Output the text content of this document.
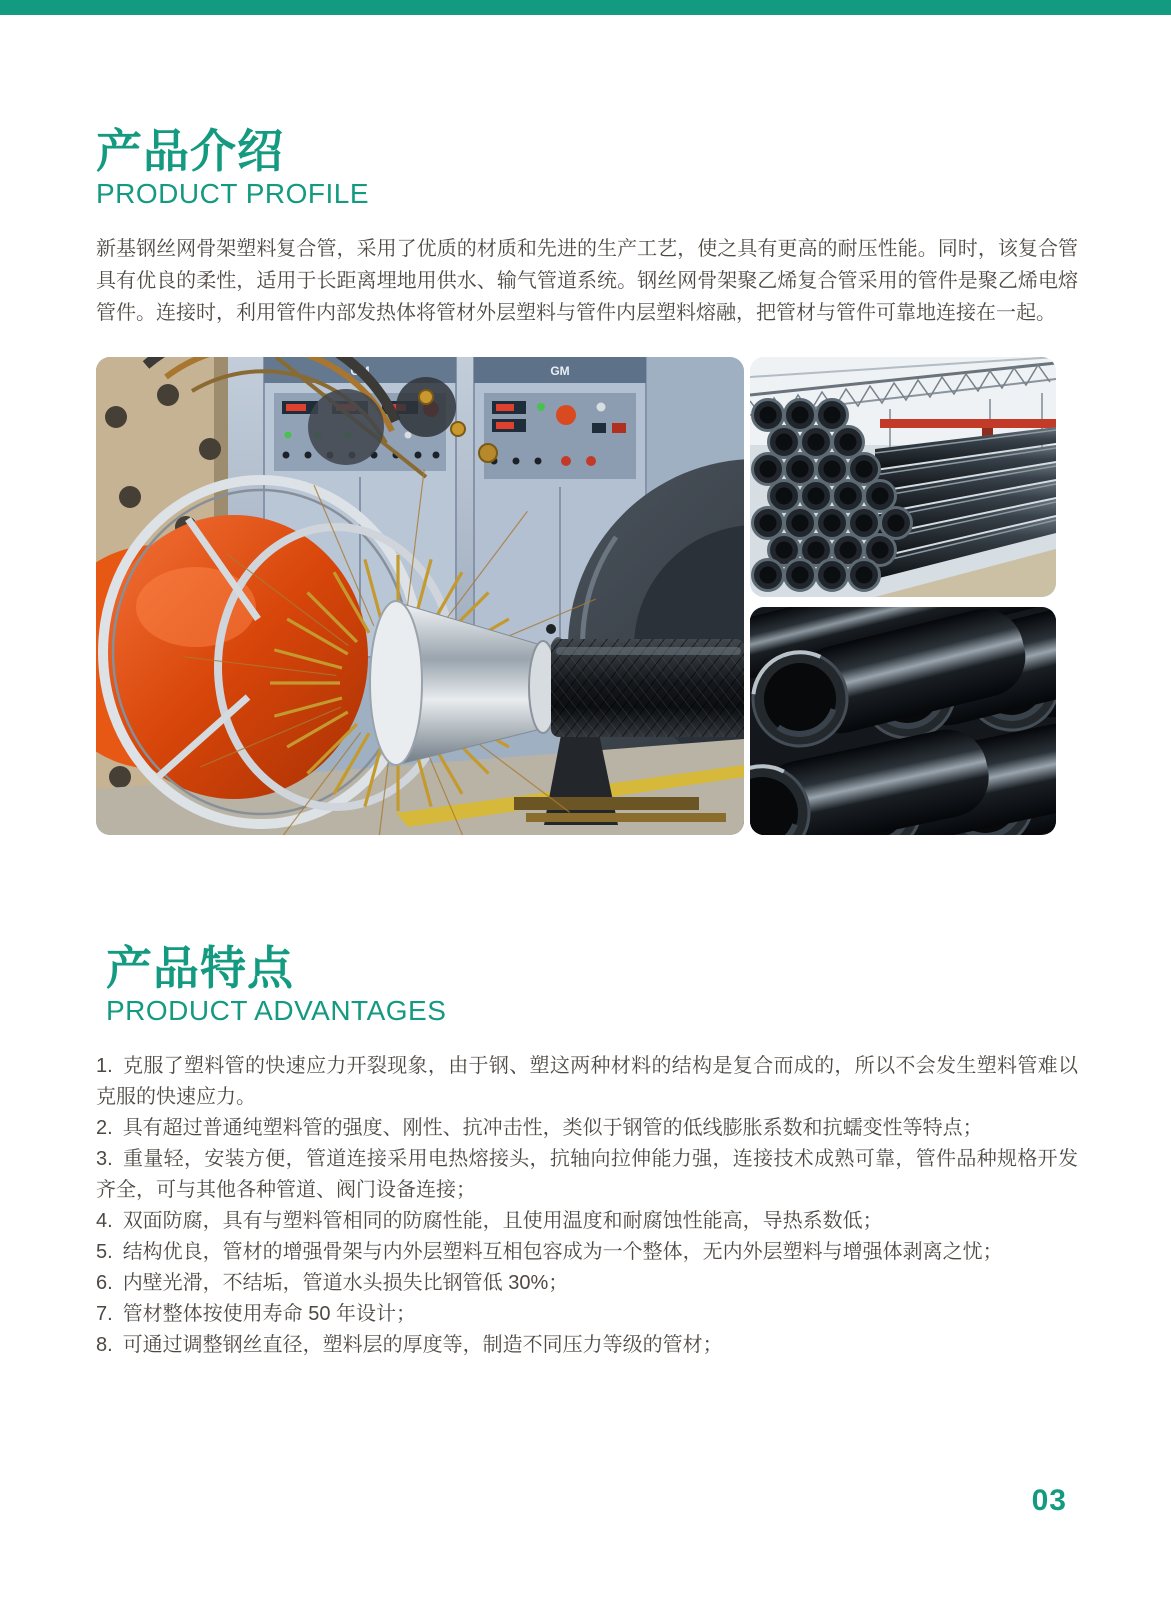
产品介绍
PRODUCT PROFILE

新基钢丝网骨架塑料复合管，采用了优质的材质和先进的生产工艺，使之具有更高的耐压性能。同时，该复合管具有优良的柔性，适用于长距离埋地用供水、输气管道系统。钢丝网骨架聚乙烯复合管采用的管件是聚乙烯电熔管件。连接时，利用管件内部发热体将管材外层塑料与管件内层塑料熔融，把管材与管件可靠地连接在一起。

GM	GM
产品特点
PRODUCT ADVANTAGES

1. 克服了塑料管的快速应力开裂现象，由于钢、塑这两种材料的结构是复合而成的，所以不会发生塑料管难以克服的快速应力。

2. 具有超过普通纯塑料管的强度、刚性、抗冲击性，类似于钢管的低线膨胀系数和抗蠕变性等特点；

3. 重量轻，安装方便，管道连接采用电热熔接头，抗轴向拉伸能力强，连接技术成熟可靠，管件品种规格开发齐全，可与其他各种管道、阀门设备连接；

4. 双面防腐，具有与塑料管相同的防腐性能，且使用温度和耐腐蚀性能高，导热系数低；

5. 结构优良，管材的增强骨架与内外层塑料互相包容成为一个整体，无内外层塑料与增强体剥离之忧；

6. 内壁光滑，不结垢，管道水头损失比钢管低 30%；

7. 管材整体按使用寿命 50 年设计；

8. 可通过调整钢丝直径，塑料层的厚度等，制造不同压力等级的管材；

03
